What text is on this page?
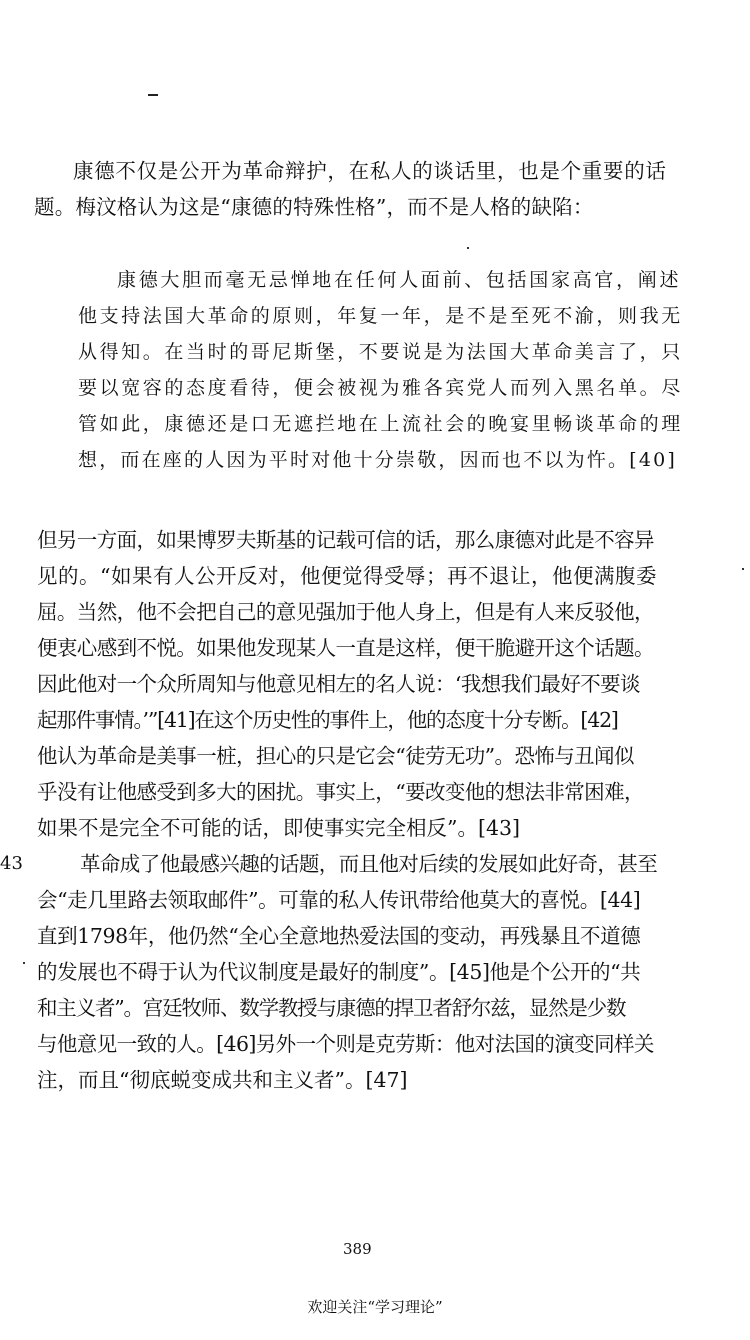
康德不仅是公开为革命辩护，在私人的谈话里，也是个重要的话
题。梅汶格认为这是“康德的特殊性格”，而不是人格的缺陷：
康德大胆而毫无忌惮地在任何人面前、包括国家高官，阐述
他支持法国大革命的原则，年复一年，是不是至死不渝，则我无
从得知。在当时的哥尼斯堡，不要说是为法国大革命美言了，只
要以宽容的态度看待，便会被视为雅各宾党人而列入黑名单。尽
管如此，康德还是口无遮拦地在上流社会的晚宴里畅谈革命的理
想，而在座的人因为平时对他十分崇敬，因而也不以为忤。[40]
但另一方面，如果博罗夫斯基的记载可信的话，那么康德对此是不容异
见的。“如果有人公开反对，他便觉得受辱；再不退让，他便满腹委
屈。当然，他不会把自己的意见强加于他人身上，但是有人来反驳他，
便衷心感到不悦。如果他发现某人一直是这样，便干脆避开这个话题。
因此他对一个众所周知与他意见相左的名人说：‘我想我们最好不要谈
起那件事情。’”[41]在这个历史性的事件上，他的态度十分专断。[42]
他认为革命是美事一桩，担心的只是它会“徒劳无功”。恐怖与丑闻似
乎没有让他感受到多大的困扰。事实上，“要改变他的想法非常困难，
如果不是完全不可能的话，即使事实完全相反”。[43]
43	革命成了他最感兴趣的话题，而且他对后续的发展如此好奇，甚至
会“走几里路去领取邮件”。可靠的私人传讯带给他莫大的喜悦。[44]
直到1798年，他仍然“全心全意地热爱法国的变动，再残暴且不道德
的发展也不碍于认为代议制度是最好的制度”。[45]他是个公开的“共
和主义者”。宫廷牧师、数学教授与康德的捍卫者舒尔兹，显然是少数
与他意见一致的人。[46]另外一个则是克劳斯：他对法国的演变同样关
注，而且“彻底蜕变成共和主义者”。[47]
389
欢迎关注“学习理论”
